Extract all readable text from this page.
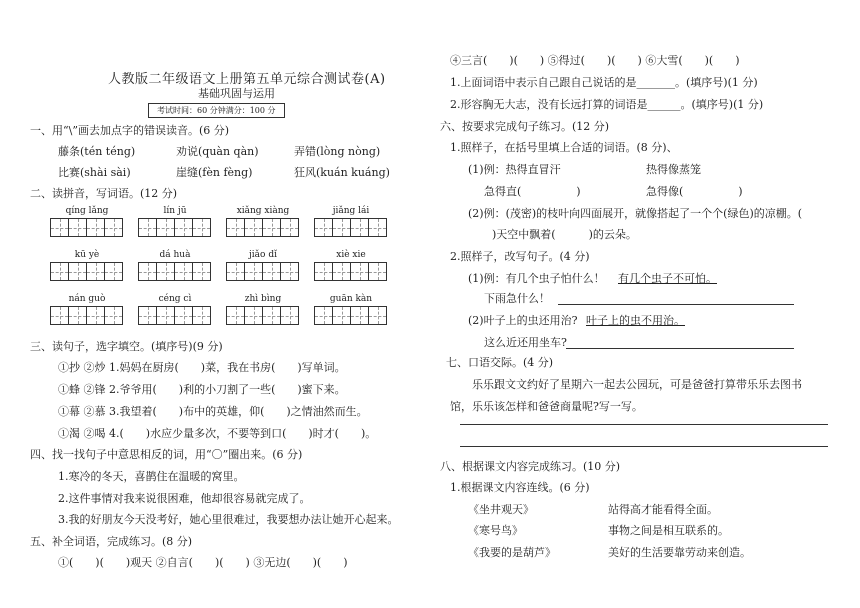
人教版二年级语文上册第五单元综合测试卷(A)
基础巩固与运用
考试时间：60 分钟满分：100 分
一、用“\”画去加点字的错误读音。(6 分)
藤条(tén téng)	劝说(quàn qàn)	弄错(lòng nòng)
比赛(shài sài)	崖缝(fèn fèng)	狂风(kuán kuáng)
二、读拼音，写词语。(12 分)
qíng lǎng	lín jū	xiǎng xiàng	jiǎng lái
kū yè	dá huà	jiǎo dǐ	xiè xie
nán guò	céng cì	zhì bìng	guān kàn
三、读句子，选字填空。(填序号)(9 分)
①抄 ②炒 1.妈妈在厨房(　　)菜，我在书房(　　)写单词。
①蜂 ②锋 2.爷爷用(　　)利的小刀割了一些(　　)蜜下来。
①幕 ②慕 3.我望着(　　)布中的英雄，仰(　　)之情油然而生。
①渴 ②喝 4.(　　)水应少量多次，不要等到口(　　)时才(　　)。
四、找一找句子中意思相反的词，用“〇”圈出来。(6 分)
1.寒冷的冬天，喜鹊住在温暖的窝里。
2.这件事情对我来说很困难，他却很容易就完成了。
3.我的好朋友今天没考好，她心里很难过，我要想办法让她开心起来。
五、补全词语，完成练习。(8 分)
①(　　)(　　)观天 ②自言(　　)(　　) ③无边(　　)(　　)
④三言(　　)(　　) ⑤得过(　　)(　　) ⑥大雪(　　)(　　)
1.上面词语中表示自己跟自己说话的是_______。(填序号)(1 分)
2.形容胸无大志，没有长远打算的词语是______。(填序号)(1 分)
六、按要求完成句子练习。(12 分)
1.照样子，在括号里填上合适的词语。(8 分)、
(1)例：热得直冒汗	热得像蒸笼
急得直(　　　　　)	急得像(　　　　　)
(2)例：(茂密)的枝叶向四面展开，就像搭起了一个个(绿色)的凉棚。(
)天空中飘着(　　　)的云朵。
2.照样子，改写句子。(4 分)
(1)例：有几个虫子怕什么！ 有几个虫子不可怕。
下雨急什么！
(2)叶子上的虫还用治? 叶子上的虫不用治。
这么近还用坐车?
七、口语交际。(4 分)
乐乐跟文文约好了星期六一起去公园玩，可是爸爸打算带乐乐去图书
馆，乐乐该怎样和爸爸商量呢?写一写。
八、根据课文内容完成练习。(10 分)
1.根据课文内容连线。(6 分)
《坐井观天》	站得高才能看得全面。
《寒号鸟》	事物之间是相互联系的。
《我要的是葫芦》	美好的生活要靠劳动来创造。
